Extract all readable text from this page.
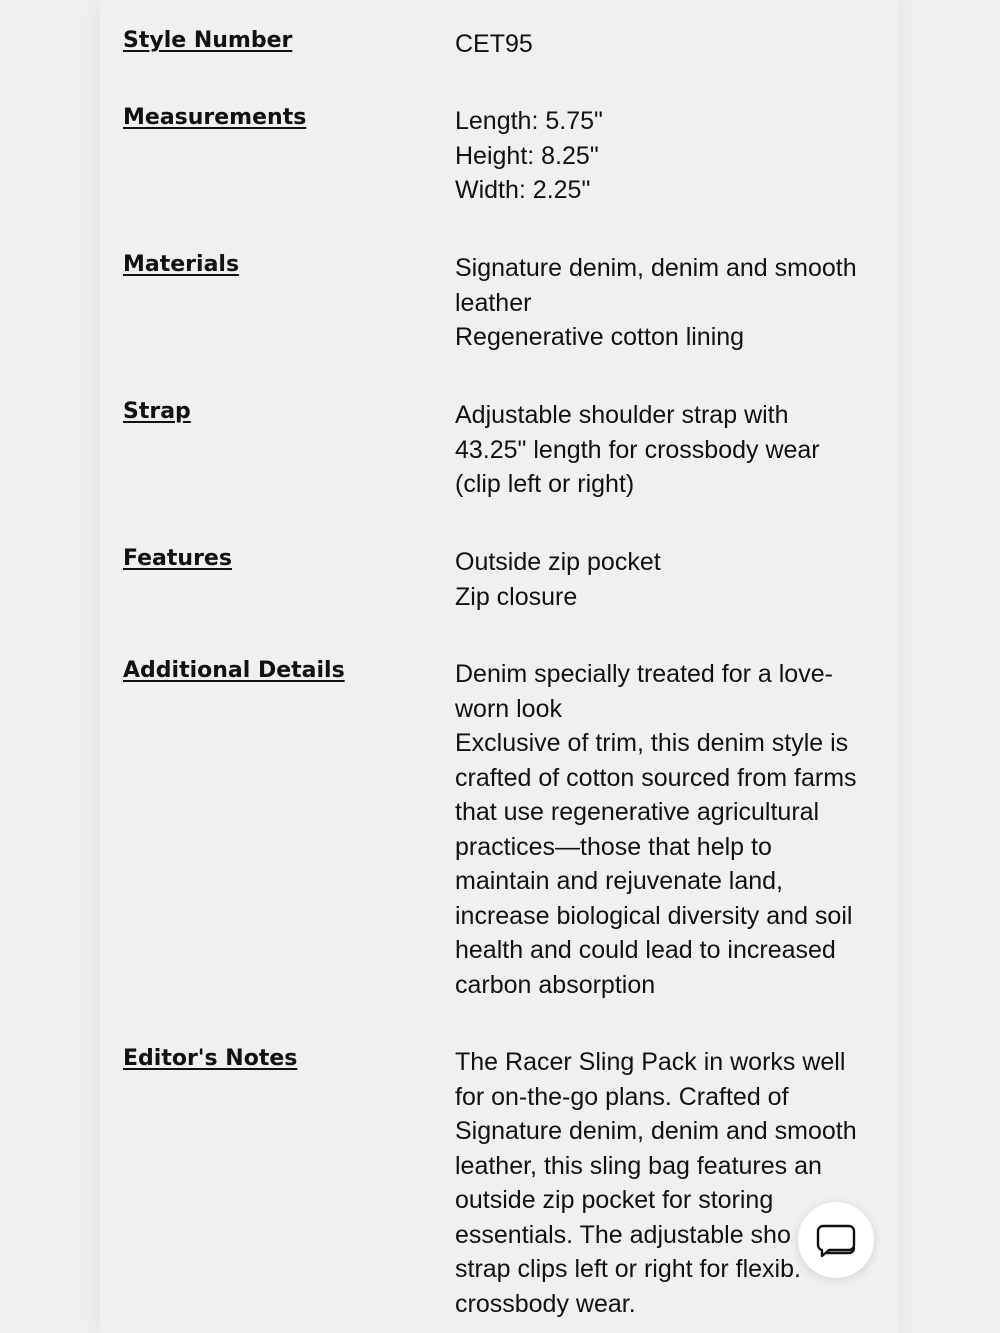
Style Number	CET95
Measurements	Length: 5.75"
Height: 8.25"
Width: 2.25"
Materials	Signature denim, denim and smooth
leather
Regenerative cotton lining
Strap	Adjustable shoulder strap with
43.25" length for crossbody wear
(clip left or right)
Features	Outside zip pocket
Zip closure
Additional Details	Denim specially treated for a love-
worn look
Exclusive of trim, this denim style is
crafted of cotton sourced from farms
that use regenerative agricultural
practices—those that help to
maintain and rejuvenate land,
increase biological diversity and soil
health and could lead to increased
carbon absorption
Editor's Notes	The Racer Sling Pack in works well
for on-the-go plans. Crafted of
Signature denim, denim and smooth
leather, this sling bag features an
outside zip pocket for storing
essentials. The adjustable sho
strap clips left or right for flexib.
crossbody wear.
